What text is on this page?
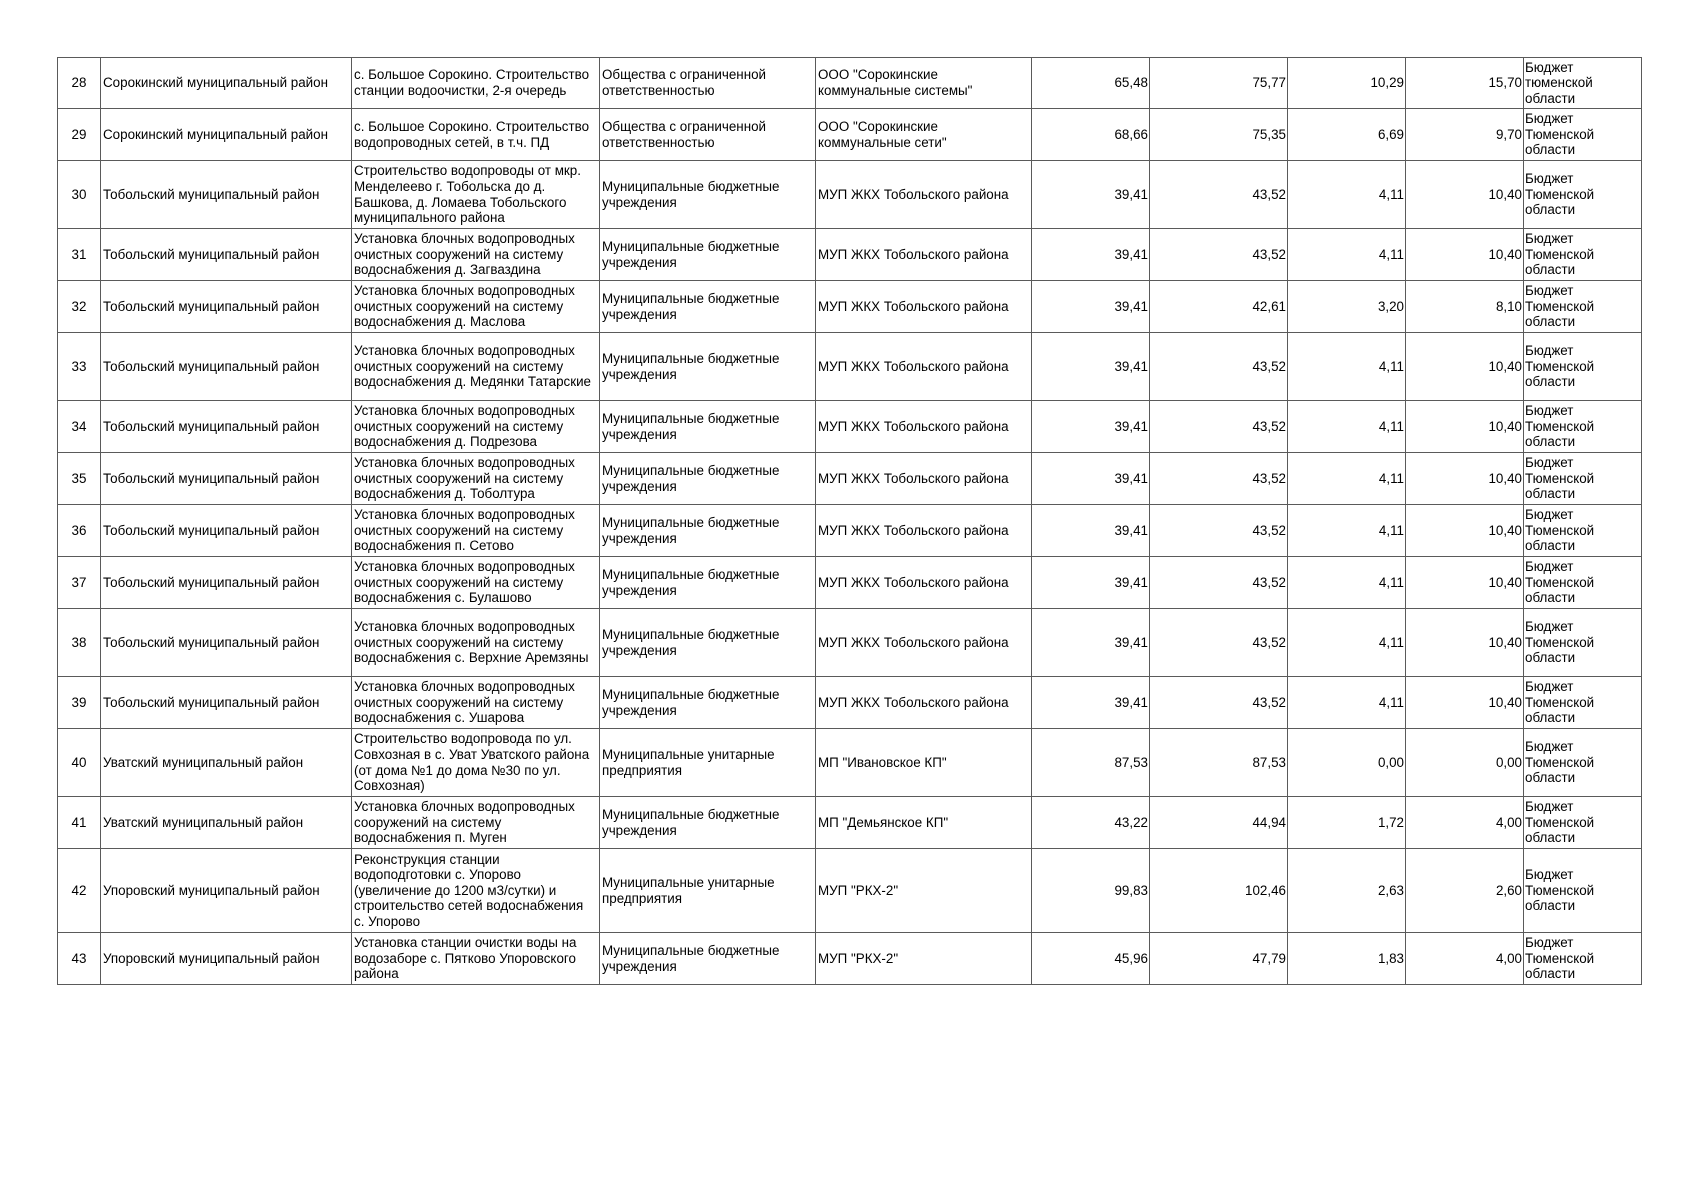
28	Сорокинский муниципальный район	с. Большое Сорокино. Строительство станции водоочистки, 2-я очередь	Общества с ограниченной ответственностью	ООО "Сорокинские коммунальные системы"	65,48	75,77	10,29	15,70	Бюджет тюменской области
29	Сорокинский муниципальный район	с. Большое Сорокино. Строительство водопроводных сетей, в т.ч. ПД	Общества с ограниченной ответственностью	ООО "Сорокинские коммунальные сети"	68,66	75,35	6,69	9,70	Бюджет Тюменской области
30	Тобольский муниципальный район	Строительство водопроводы от мкр. Менделеево г. Тобольска до д. Башкова, д. Ломаева Тобольского муниципального района	Муниципальные бюджетные учреждения	МУП ЖКХ Тобольского района	39,41	43,52	4,11	10,40	Бюджет Тюменской области
31	Тобольский муниципальный район	Установка блочных водопроводных очистных сооружений на систему водоснабжения д. Загваздина	Муниципальные бюджетные учреждения	МУП ЖКХ Тобольского района	39,41	43,52	4,11	10,40	Бюджет Тюменской области
32	Тобольский муниципальный район	Установка блочных водопроводных очистных сооружений на систему водоснабжения д. Маслова	Муниципальные бюджетные учреждения	МУП ЖКХ Тобольского района	39,41	42,61	3,20	8,10	Бюджет Тюменской области
33	Тобольский муниципальный район	Установка блочных водопроводных очистных сооружений на систему водоснабжения д. Медянки Татарские	Муниципальные бюджетные учреждения	МУП ЖКХ Тобольского района	39,41	43,52	4,11	10,40	Бюджет Тюменской области
34	Тобольский муниципальный район	Установка блочных водопроводных очистных сооружений на систему водоснабжения д. Подрезова	Муниципальные бюджетные учреждения	МУП ЖКХ Тобольского района	39,41	43,52	4,11	10,40	Бюджет Тюменской области
35	Тобольский муниципальный район	Установка блочных водопроводных очистных сооружений на систему водоснабжения д. Тоболтура	Муниципальные бюджетные учреждения	МУП ЖКХ Тобольского района	39,41	43,52	4,11	10,40	Бюджет Тюменской области
36	Тобольский муниципальный район	Установка блочных водопроводных очистных сооружений на систему водоснабжения п. Сетово	Муниципальные бюджетные учреждения	МУП ЖКХ Тобольского района	39,41	43,52	4,11	10,40	Бюджет Тюменской области
37	Тобольский муниципальный район	Установка блочных водопроводных очистных сооружений на систему водоснабжения с. Булашово	Муниципальные бюджетные учреждения	МУП ЖКХ Тобольского района	39,41	43,52	4,11	10,40	Бюджет Тюменской области
38	Тобольский муниципальный район	Установка блочных водопроводных очистных сооружений на систему водоснабжения с. Верхние Аремзяны	Муниципальные бюджетные учреждения	МУП ЖКХ Тобольского района	39,41	43,52	4,11	10,40	Бюджет Тюменской области
39	Тобольский муниципальный район	Установка блочных водопроводных очистных сооружений на систему водоснабжения с. Ушарова	Муниципальные бюджетные учреждения	МУП ЖКХ Тобольского района	39,41	43,52	4,11	10,40	Бюджет Тюменской области
40	Уватский муниципальный район	Строительство водопровода по ул. Совхозная в с. Уват Уватского района (от дома №1 до дома №30 по ул. Совхозная)	Муниципальные унитарные предприятия	МП "Ивановское КП"	87,53	87,53	0,00	0,00	Бюджет Тюменской области
41	Уватский муниципальный район	Установка блочных водопроводных сооружений на систему водоснабжения п. Муген	Муниципальные бюджетные учреждения	МП "Демьянское КП"	43,22	44,94	1,72	4,00	Бюджет Тюменской области
42	Упоровский муниципальный район	Реконструкция станции водоподготовки с. Упорово (увеличение до 1200 м3/сутки) и строительство сетей водоснабжения с. Упорово	Муниципальные унитарные предприятия	МУП "РКХ-2"	99,83	102,46	2,63	2,60	Бюджет Тюменской области
43	Упоровский муниципальный район	Установка станции очистки воды на водозаборе с. Пятково Упоровского района	Муниципальные бюджетные учреждения	МУП "РКХ-2"	45,96	47,79	1,83	4,00	Бюджет Тюменской области
